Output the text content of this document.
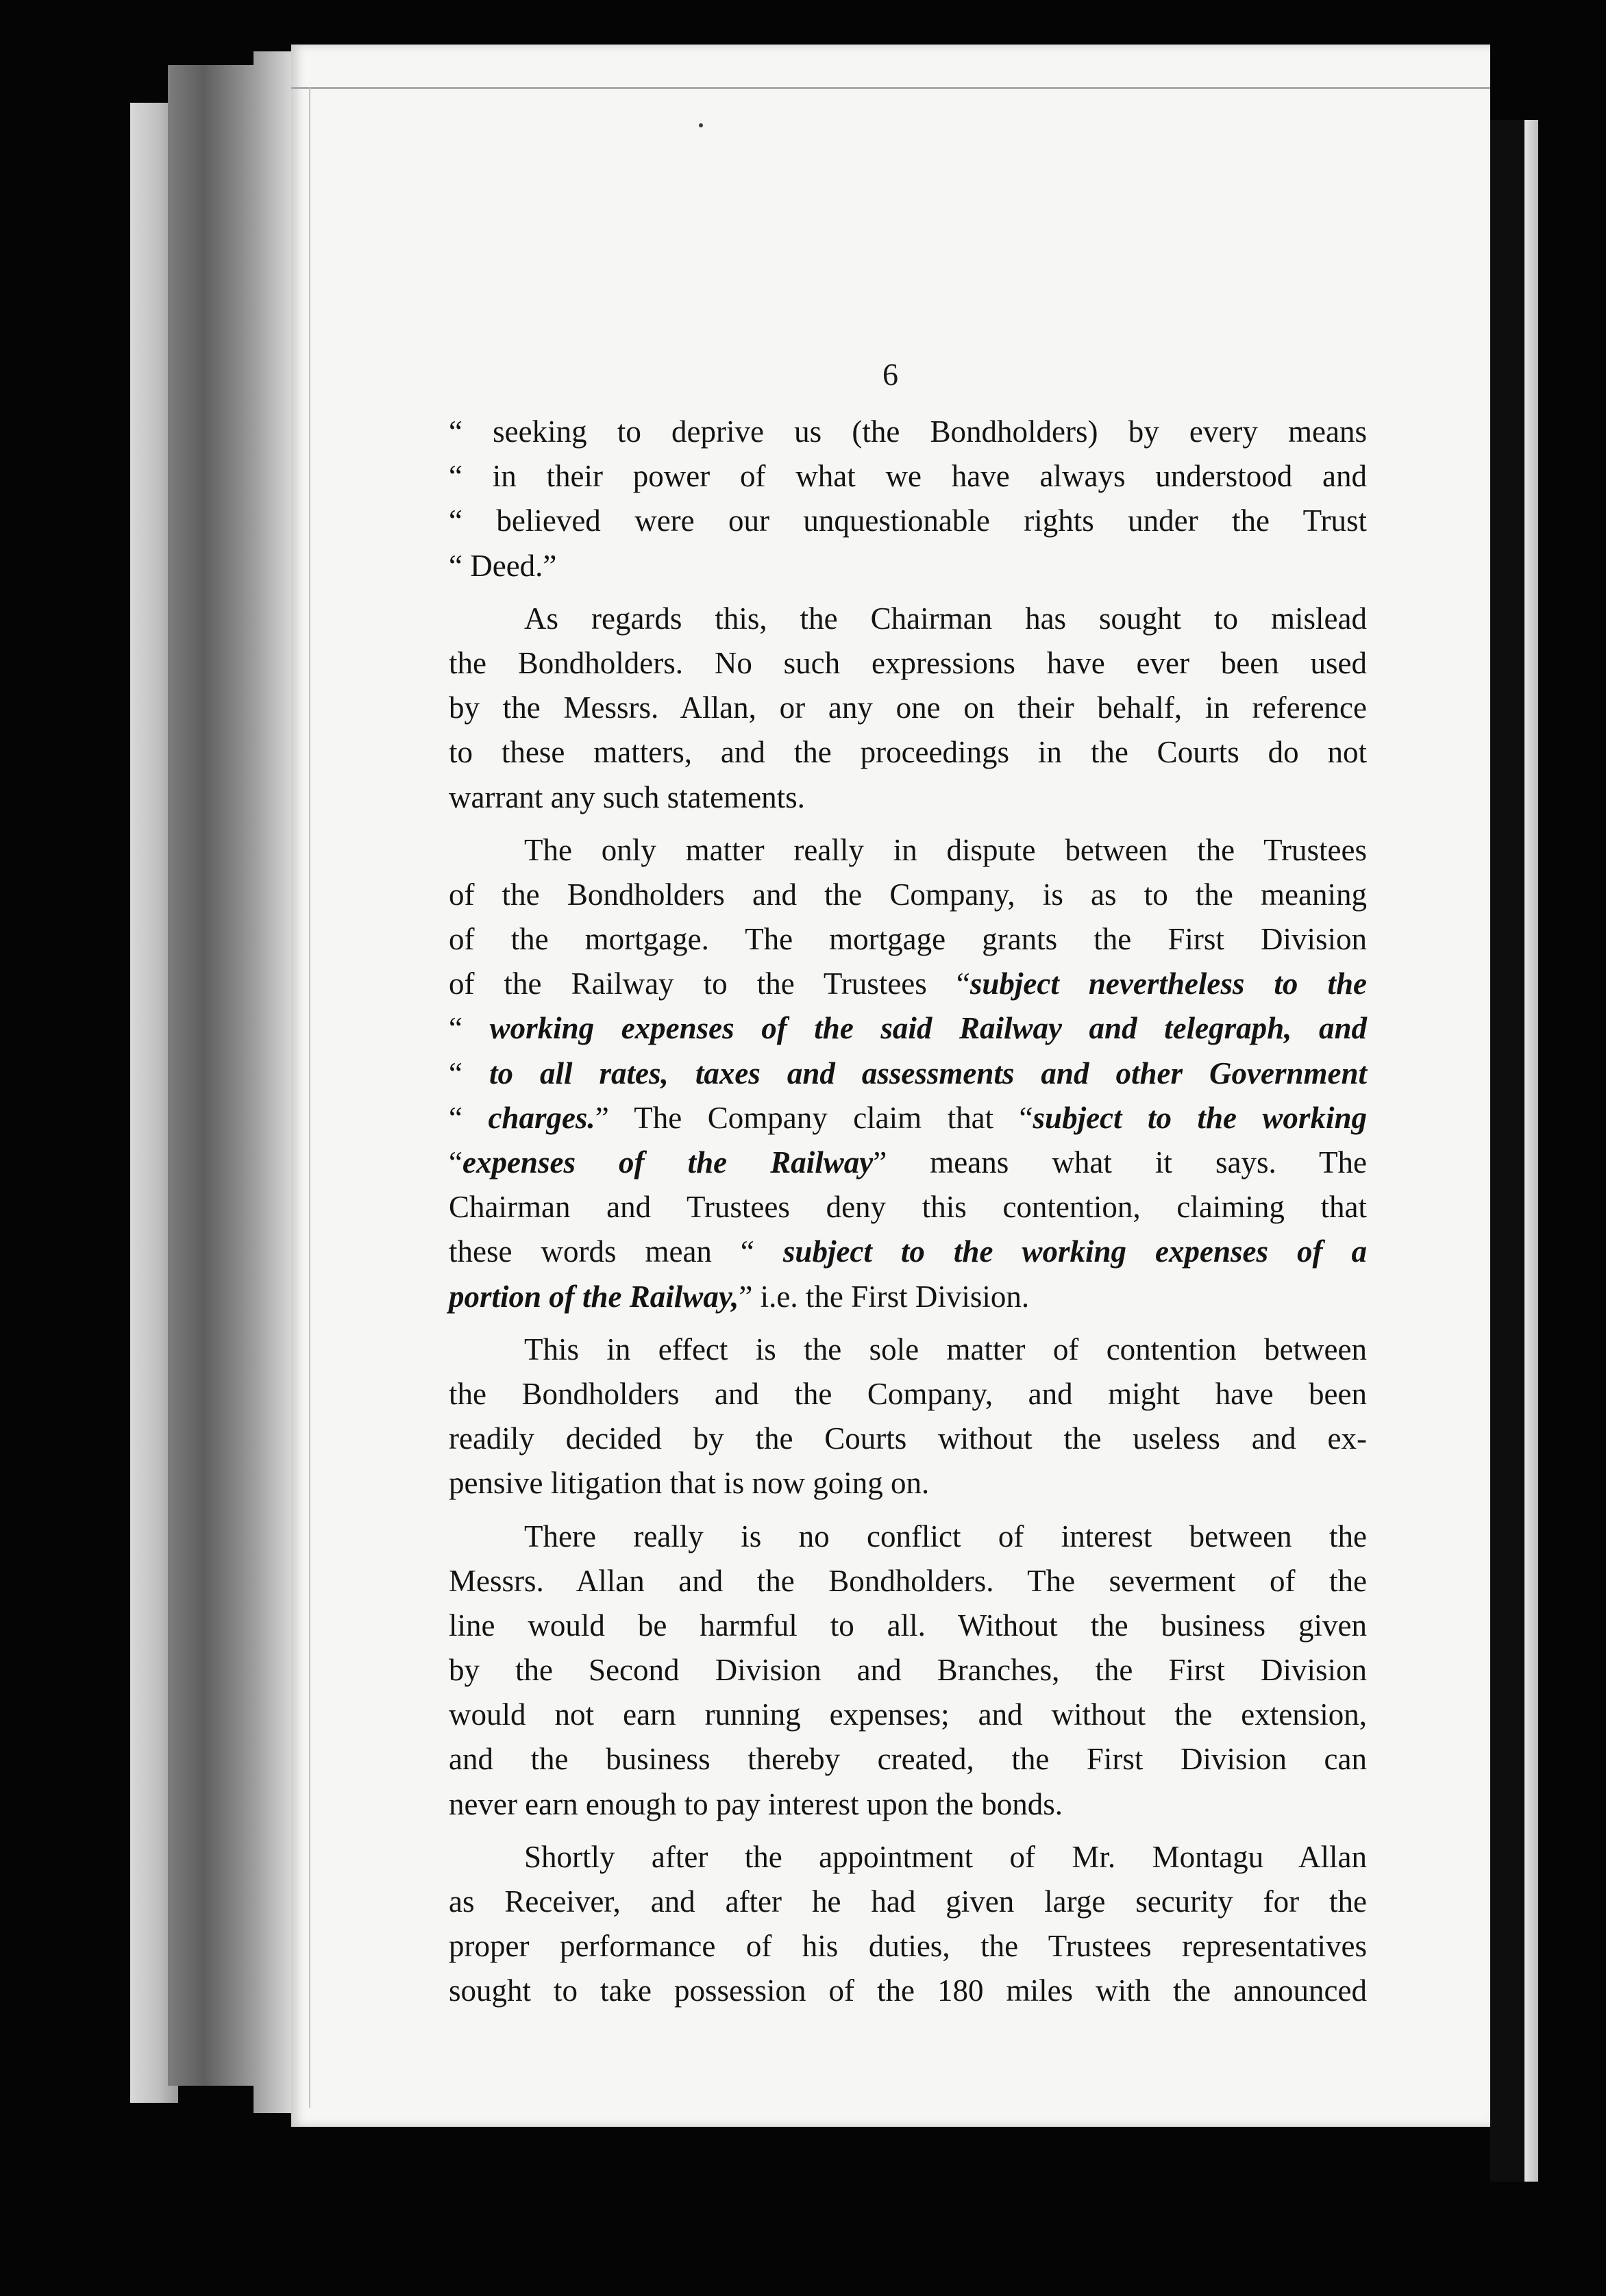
6
“ seeking to deprive us (the Bondholders) by every means
“ in their power of what we have always understood and
“ believed were our unquestionable rights under the Trust
“ Deed.”
As regards this, the Chairman has sought to mislead
the Bondholders. No such expressions have ever been used
by the Messrs. Allan, or any one on their behalf, in reference
to these matters, and the proceedings in the Courts do not
warrant any such statements.
The only matter really in dispute between the Trustees
of the Bondholders and the Company, is as to the meaning
of the mortgage. The mortgage grants the First Division
of the Railway to the Trustees “subject nevertheless to the
“ working expenses of the said Railway and telegraph, and
“ to all rates, taxes and assessments and other Government
“ charges.” The Company claim that “subject to the working
“expenses of the Railway” means what it says. The
Chairman and Trustees deny this contention, claiming that
these words mean “ subject to the working expenses of a
portion of the Railway,” i.e. the First Division.
This in effect is the sole matter of contention between
the Bondholders and the Company, and might have been
readily decided by the Courts without the useless and ex-
pensive litigation that is now going on.
There really is no conflict of interest between the
Messrs. Allan and the Bondholders. The severment of the
line would be harmful to all. Without the business given
by the Second Division and Branches, the First Division
would not earn running expenses; and without the extension,
and the business thereby created, the First Division can
never earn enough to pay interest upon the bonds.
Shortly after the appointment of Mr. Montagu Allan
as Receiver, and after he had given large security for the
proper performance of his duties, the Trustees representatives
sought to take possession of the 180 miles with the announced
